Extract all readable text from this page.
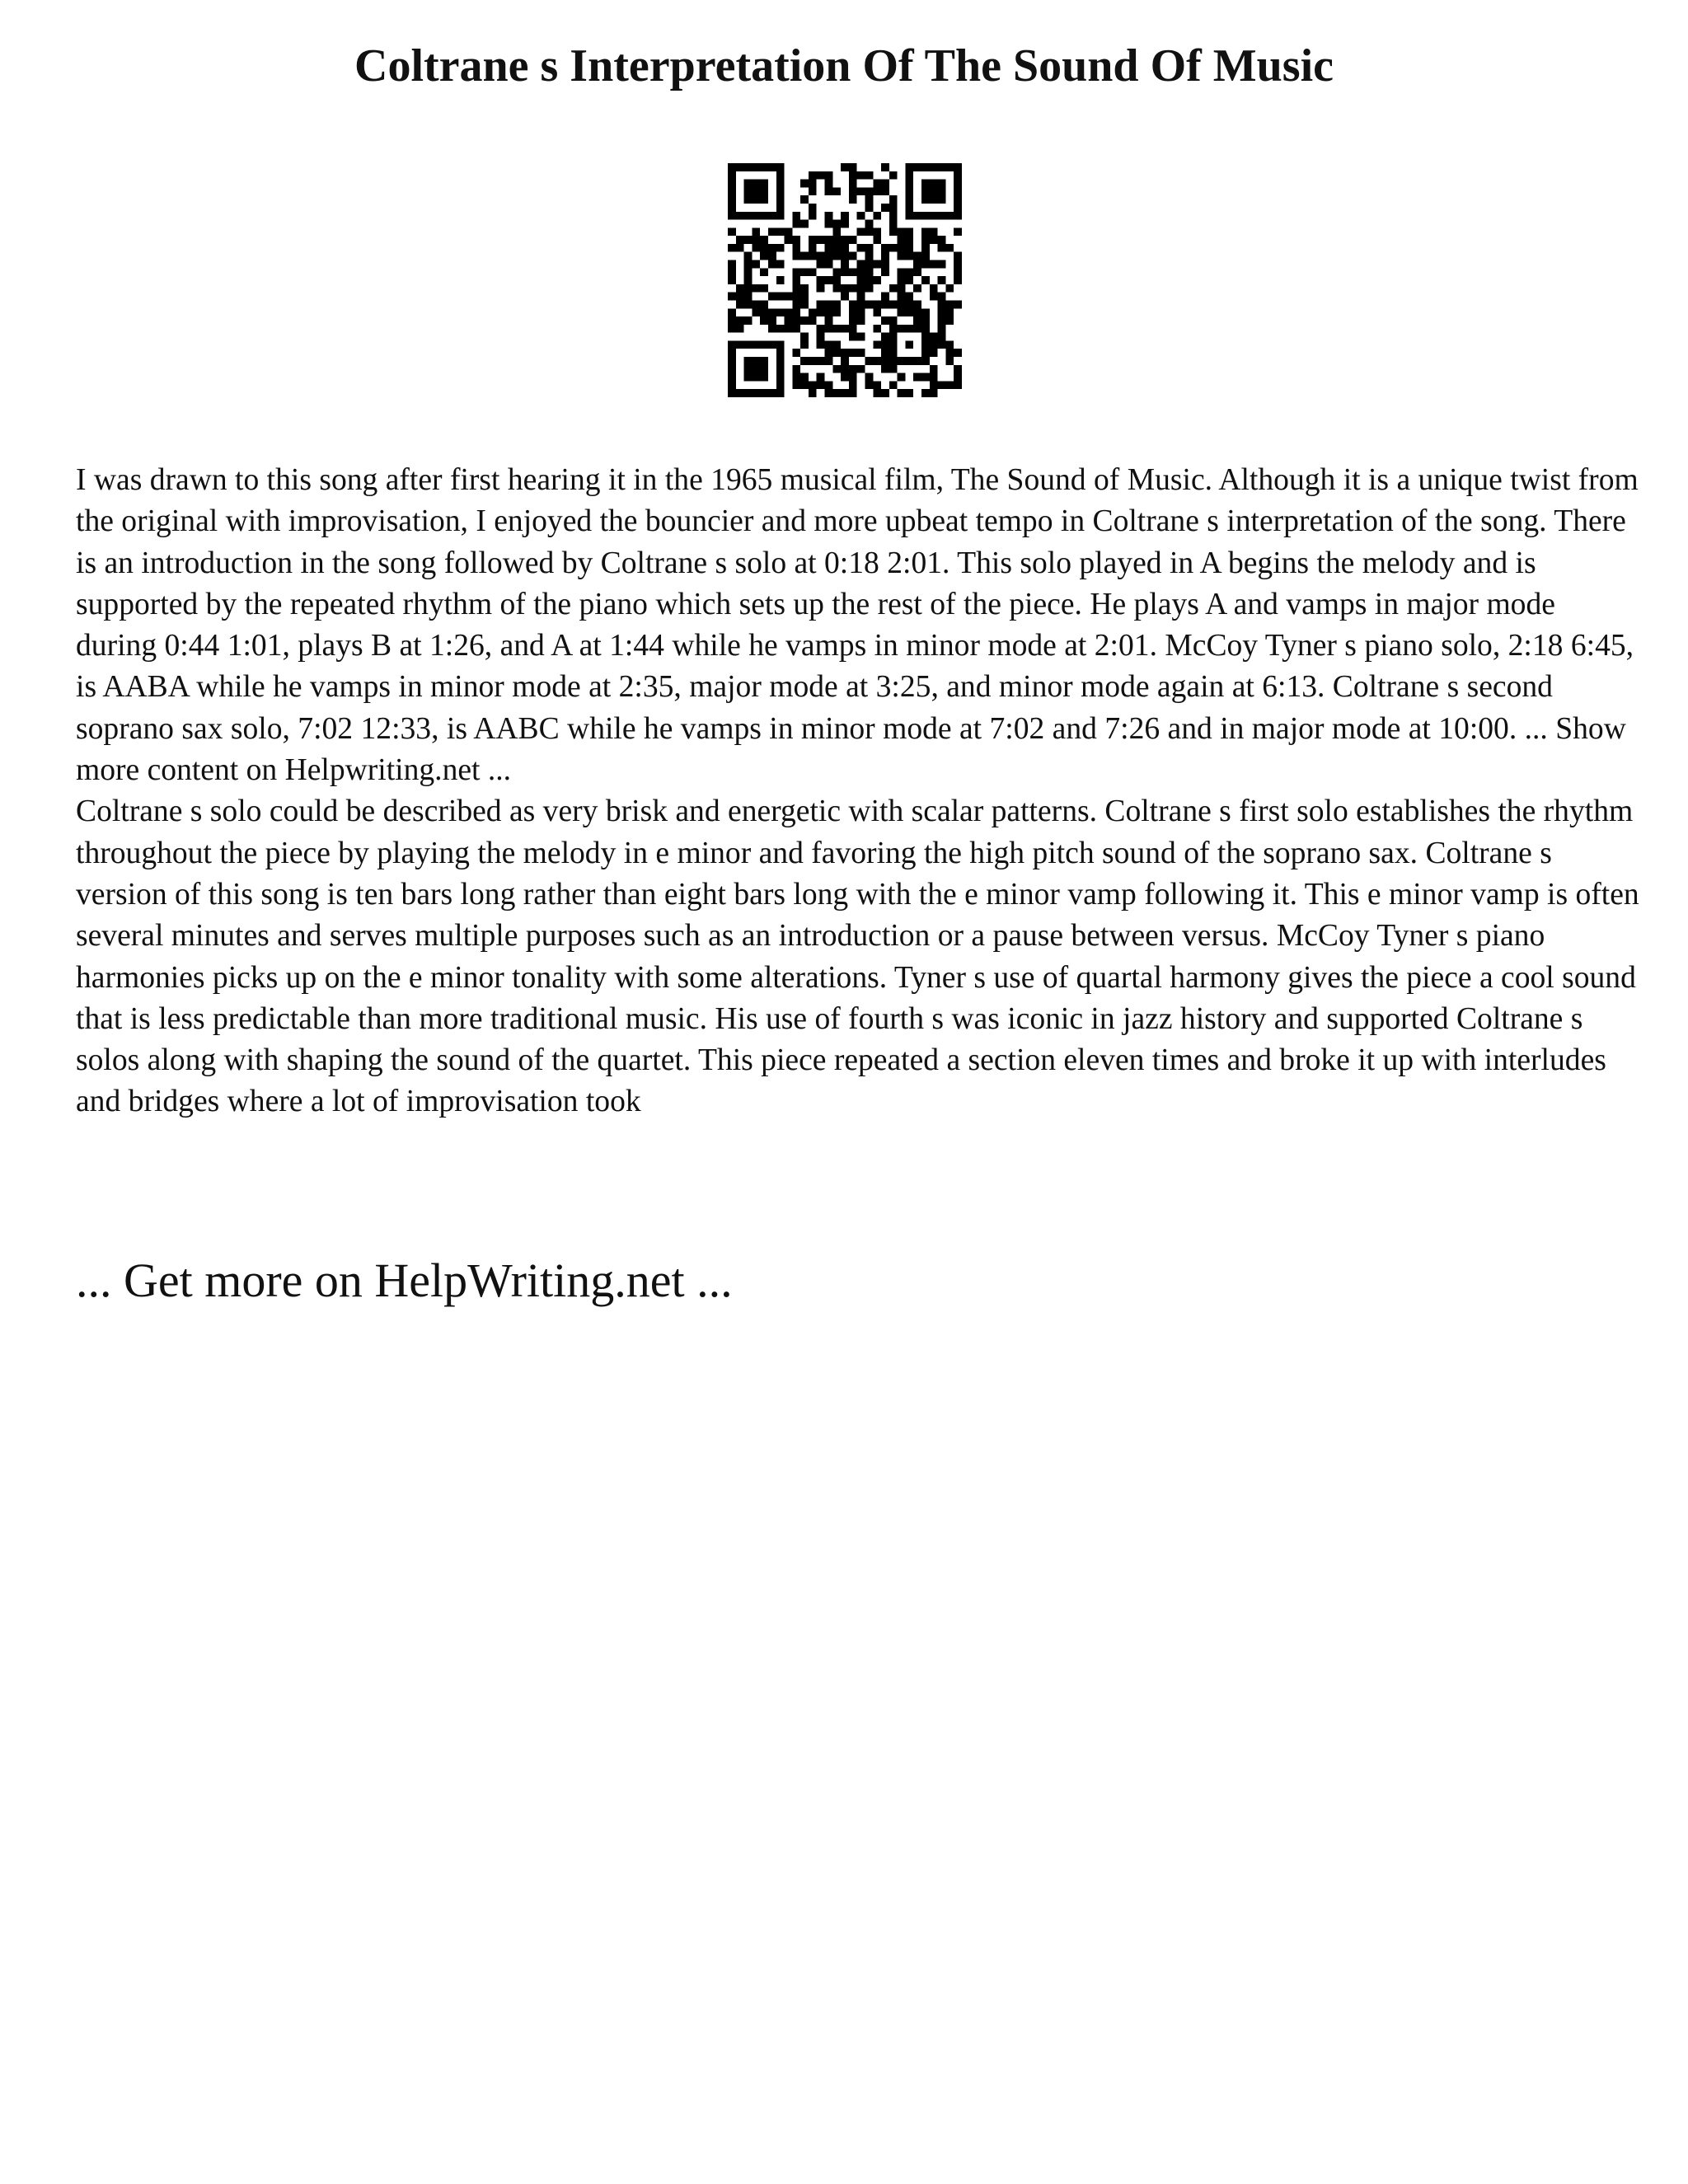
Coltrane s Interpretation Of The Sound Of Music

I was drawn to this song after first hearing it in the 1965 musical film, The Sound of Music. Although it is a unique twist from the original with improvisation, I enjoyed the bouncier and more upbeat tempo in Coltrane s interpretation of the song. There is an introduction in the song followed by Coltrane s solo at 0:18 2:01. This solo played in A begins the melody and is supported by the repeated rhythm of the piano which sets up the rest of the piece. He plays A and vamps in major mode during 0:44 1:01, plays B at 1:26, and A at 1:44 while he vamps in minor mode at 2:01. McCoy Tyner s piano solo, 2:18 6:45, is AABA while he vamps in minor mode at 2:35, major mode at 3:25, and minor mode again at 6:13. Coltrane s second soprano sax solo, 7:02 12:33, is AABC while he vamps in minor mode at 7:02 and 7:26 and in major mode at 10:00. ... Show more content on Helpwriting.net ...

Coltrane s solo could be described as very brisk and energetic with scalar patterns. Coltrane s first solo establishes the rhythm throughout the piece by playing the melody in e minor and favoring the high pitch sound of the soprano sax. Coltrane s version of this song is ten bars long rather than eight bars long with the e minor vamp following it. This e minor vamp is often several minutes and serves multiple purposes such as an introduction or a pause between versus. McCoy Tyner s piano harmonies picks up on the e minor tonality with some alterations. Tyner s use of quartal harmony gives the piece a cool sound that is less predictable than more traditional music. His use of fourth s was iconic in jazz history and supported Coltrane s solos along with shaping the sound of the quartet. This piece repeated a section eleven times and broke it up with interludes and bridges where a lot of improvisation took

... Get more on HelpWriting.net ...
